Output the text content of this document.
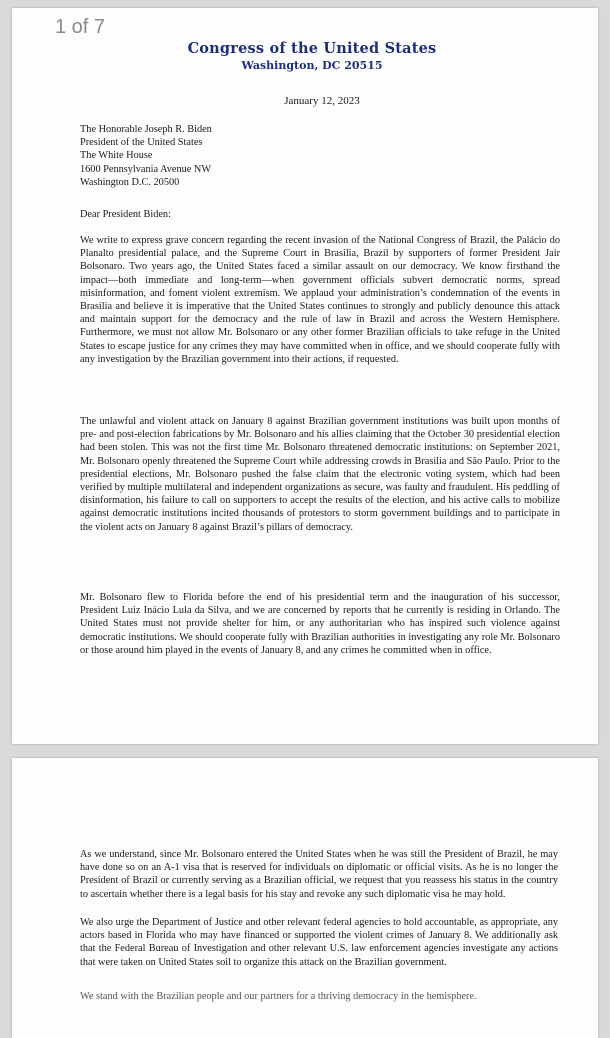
1 of 7
Congress of the United States
Washington, DC 20515
January 12, 2023
The Honorable Joseph R. Biden
President of the United States
The White House
1600 Pennsylvania Avenue NW
Washington D.C. 20500
Dear President Biden:
We write to express grave concern regarding the recent invasion of the National Congress of Brazil, the Palácio do Planalto presidential palace, and the Supreme Court in Brasilia, Brazil by supporters of former President Jair Bolsonaro. Two years ago, the United States faced a similar assault on our democracy. We know firsthand the impact—both immediate and long-term—when government officials subvert democratic norms, spread misinformation, and foment violent extremism. We applaud your administration’s condemnation of the events in Brasilia and believe it is imperative that the United States continues to strongly and publicly denounce this attack and maintain support for the democracy and the rule of law in Brazil and across the Western Hemisphere. Furthermore, we must not allow Mr. Bolsonaro or any other former Brazilian officials to take refuge in the United States to escape justice for any crimes they may have committed when in office, and we should cooperate fully with any investigation by the Brazilian government into their actions, if requested.
The unlawful and violent attack on January 8 against Brazilian government institutions was built upon months of pre- and post-election fabrications by Mr. Bolsonaro and his allies claiming that the October 30 presidential election had been stolen. This was not the first time Mr. Bolsonaro threatened democratic institutions: on September 2021, Mr. Bolsonaro openly threatened the Supreme Court while addressing crowds in Brasilia and São Paulo. Prior to the presidential elections, Mr. Bolsonaro pushed the false claim that the electronic voting system, which had been verified by multiple multilateral and independent organizations as secure, was faulty and fraudulent. His peddling of disinformation, his failure to call on supporters to accept the results of the election, and his active calls to mobilize against democratic institutions incited thousands of protestors to storm government buildings and to participate in the violent acts on January 8 against Brazil’s pillars of democracy.
Mr. Bolsonaro flew to Florida before the end of his presidential term and the inauguration of his successor, President Luiz Inácio Lula da Silva, and we are concerned by reports that he currently is residing in Orlando. The United States must not provide shelter for him, or any authoritarian who has inspired such violence against democratic institutions. We should cooperate fully with Brazilian authorities in investigating any role Mr. Bolsonaro or those around him played in the events of January 8, and any crimes he committed when in office.
As we understand, since Mr. Bolsonaro entered the United States when he was still the President of Brazil, he may have done so on an A-1 visa that is reserved for individuals on diplomatic or official visits. As he is no longer the President of Brazil or currently serving as a Brazilian official, we request that you reassess his status in the country to ascertain whether there is a legal basis for his stay and revoke any such diplomatic visa he may hold.
We also urge the Department of Justice and other relevant federal agencies to hold accountable, as appropriate, any actors based in Florida who may have financed or supported the violent crimes of January 8. We additionally ask that the Federal Bureau of Investigation and other relevant U.S. law enforcement agencies investigate any actions that were taken on United States soil to organize this attack on the Brazilian government.
We stand with the Brazilian people and our partners for a thriving democracy in the hemisphere.
